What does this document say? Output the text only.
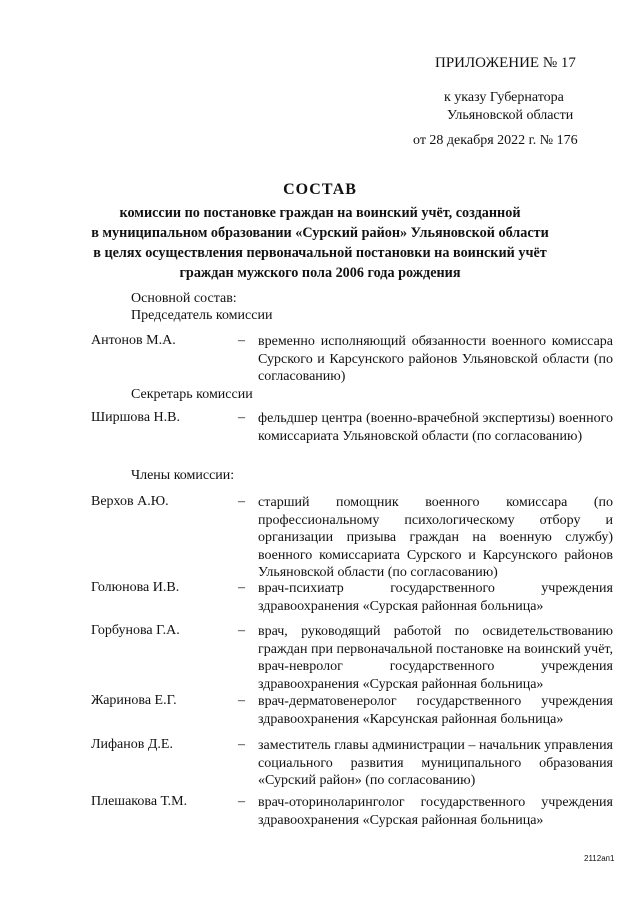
ПРИЛОЖЕНИЕ № 17
к указу Губернатора
Ульяновской области
от 28 декабря 2022 г. № 176
СОСТАВ
комиссии по постановке граждан на воинский учёт, созданной
в муниципальном образовании «Сурский район» Ульяновской области
в целях осуществления первоначальной постановки на воинский учёт
граждан мужского пола 2006 года рождения
Основной состав:
Председатель комиссии
Антонов М.А.	– временно исполняющий обязанности военного комиссара Сурского и Карсунского районов Ульяновской области (по согласованию)
Секретарь комиссии
Ширшова Н.В.	– фельдшер центра (военно-врачебной экспертизы) военного комиссариата Ульяновской области (по согласованию)
Члены комиссии:
Верхов А.Ю.	– старший помощник военного комиссара (по профессиональному психологическому отбору и организации призыва граждан на военную службу) военного комиссариата Сурского и Карсунского районов Ульяновской области (по согласованию)
Голюнова И.В.	– врач-психиатр государственного учреждения здравоохранения «Сурская районная больница»
Горбунова Г.А.	– врач, руководящий работой по освидетельствованию граждан при первоначальной постановке на воинский учёт, врач-невролог государственного учреждения здравоохранения «Сурская районная больница»
Жаринова Е.Г.	– врач-дерматовенеролог государственного учреждения здравоохранения «Карсунская районная больница»
Лифанов Д.Е.	– заместитель главы администрации – начальник управления социального развития муниципального образования «Сурский район» (по согласованию)
Плешакова Т.М.	– врач-оториноларинголог государственного учреждения здравоохранения «Сурская районная больница»
2112ап1
